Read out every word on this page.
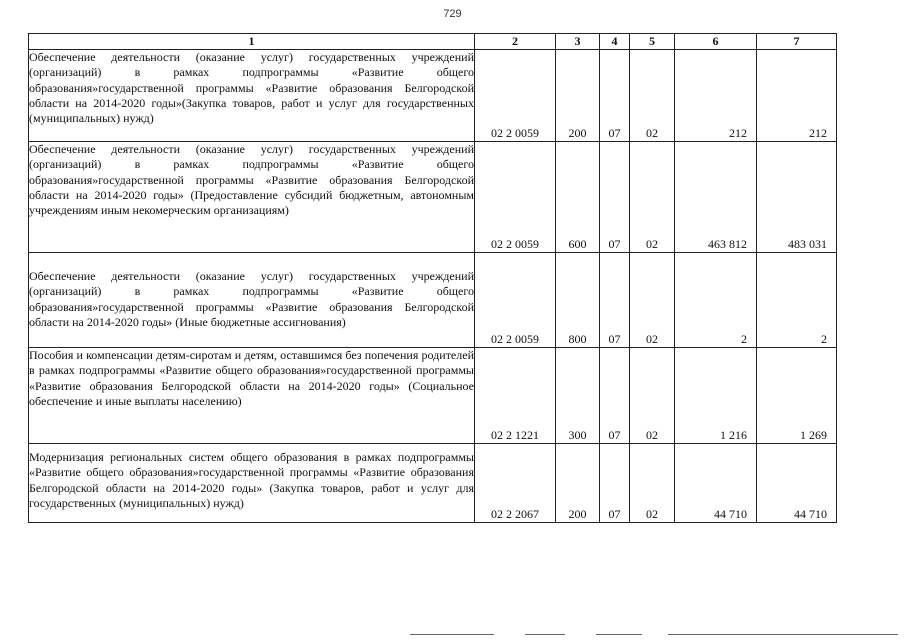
729
1	2	3	4	5	6	7
Обеспечение деятельности (оказание услуг) государственных учреждений (организаций) в рамках подпрограммы «Развитие общего образования»государственной программы «Развитие образования Белгородской области на 2014-2020 годы»(Закупка товаров, работ и услуг для государственных (муниципальных) нужд)	02 2 0059	200	07	02	212	212
Обеспечение деятельности (оказание услуг) государственных учреждений (организаций) в рамках подпрограммы «Развитие общего образования»государственной программы «Развитие образования Белгородской области на 2014-2020 годы» (Предоставление субсидий бюджетным, автономным учреждениям иным некомерческим организациям)	02 2 0059	600	07	02	463 812	483 031
Обеспечение деятельности (оказание услуг) государственных учреждений (организаций) в рамках подпрограммы «Развитие общего образования»государственной программы «Развитие образования Белгородской области на 2014-2020 годы» (Иные бюджетные ассигнования)	02 2 0059	800	07	02	2	2
Пособия и компенсации детям-сиротам и детям, оставшимся без попечения родителей в рамках подпрограммы «Развитие общего образования»государственной программы «Развитие образования Белгородской области на 2014-2020 годы» (Социальное обеспечение и иные выплаты населению)	02 2 1221	300	07	02	1 216	1 269
Модернизация региональных систем общего образования в рамках подпрограммы «Развитие общего образования»государственной программы «Развитие образования Белгородской области на 2014-2020 годы» (Закупка товаров, работ и услуг для государственных (муниципальных) нужд)	02 2 2067	200	07	02	44 710	44 710
